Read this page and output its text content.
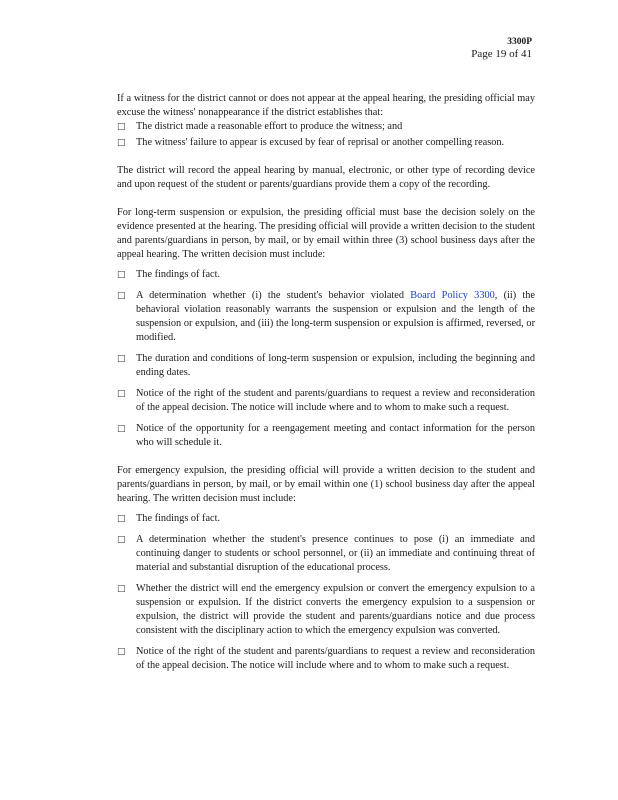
3300P
Page 19 of 41

If a witness for the district cannot or does not appear at the appeal hearing, the presiding official may excuse the witness' nonappearance if the district establishes that:

□ The district made a reasonable effort to produce the witness; and
□ The witness' failure to appear is excused by fear of reprisal or another compelling reason.

The district will record the appeal hearing by manual, electronic, or other type of recording device and upon request of the student or parents/guardians provide them a copy of the recording.

For long-term suspension or expulsion, the presiding official must base the decision solely on the evidence presented at the hearing. The presiding official will provide a written decision to the student and parents/guardians in person, by mail, or by email within three (3) school business days after the appeal hearing. The written decision must include:

□ The findings of fact.
□ A determination whether (i) the student's behavior violated Board Policy 3300, (ii) the behavioral violation reasonably warrants the suspension or expulsion and the length of the suspension or expulsion, and (iii) the long-term suspension or expulsion is affirmed, reversed, or modified.
□ The duration and conditions of long-term suspension or expulsion, including the beginning and ending dates.
□ Notice of the right of the student and parents/guardians to request a review and reconsideration of the appeal decision. The notice will include where and to whom to make such a request.
□ Notice of the opportunity for a reengagement meeting and contact information for the person who will schedule it.

For emergency expulsion, the presiding official will provide a written decision to the student and parents/guardians in person, by mail, or by email within one (1) school business day after the appeal hearing. The written decision must include:

□ The findings of fact.
□ A determination whether the student's presence continues to pose (i) an immediate and continuing danger to students or school personnel, or (ii) an immediate and continuing threat of material and substantial disruption of the educational process.
□ Whether the district will end the emergency expulsion or convert the emergency expulsion to a suspension or expulsion. If the district converts the emergency expulsion to a suspension or expulsion, the district will provide the student and parents/guardians notice and due process consistent with the disciplinary action to which the emergency expulsion was converted.
□ Notice of the right of the student and parents/guardians to request a review and reconsideration of the appeal decision. The notice will include where and to whom to make such a request.
